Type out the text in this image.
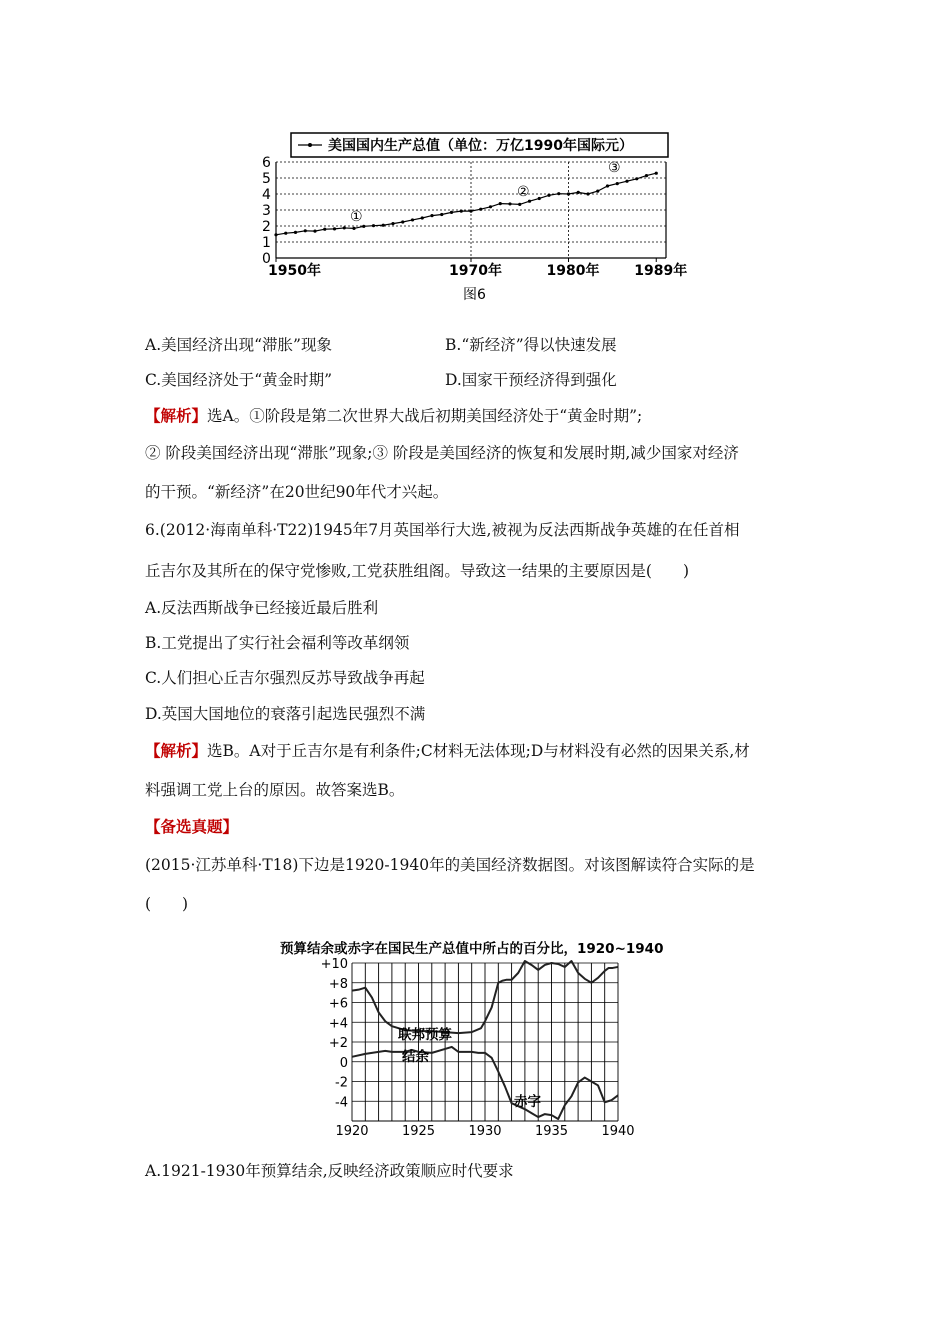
美国国内生产总值（单位：万亿1990年国际元）
0
1
2
3
4
5
6
1950年	1970年	1980年 1989年
①
②
③
图6
A.美国经济出现“滞胀”现象	B.“新经济”得以快速发展
C.美国经济处于“黄金时期”	D.国家干预经济得到强化
【解析】选A。①阶段是第二次世界大战后初期美国经济处于“黄金时期”;
② 阶段美国经济出现“滞胀”现象;③ 阶段是美国经济的恢复和发展时期,减少国家对经济
的干预。“新经济”在20世纪90年代才兴起。
6.(2012·海南单科·T22)1945年7月英国举行大选,被视为反法西斯战争英雄的在任首相
丘吉尔及其所在的保守党惨败,工党获胜组阁。导致这一结果的主要原因是(　　)
A.反法西斯战争已经接近最后胜利
B.工党提出了实行社会福利等改革纲领
C.人们担心丘吉尔强烈反苏导致战争再起
D.英国大国地位的衰落引起选民强烈不满
【解析】选B。A对于丘吉尔是有利条件;C材料无法体现;D与材料没有必然的因果关系,材
料强调工党上台的原因。故答案选B。
【备选真题】
(2015·江苏单科·T18)下边是1920-1940年的美国经济数据图。对该图解读符合实际的是
(　　)
预算结余或赤字在国民生产总值中所占的百分比，1920~1940
+10
+8
+6
+4
+2
0
-2
-4
1920	1925	1930	1935	1940
联邦预算
结余
赤字
A.1921-1930年预算结余,反映经济政策顺应时代要求
